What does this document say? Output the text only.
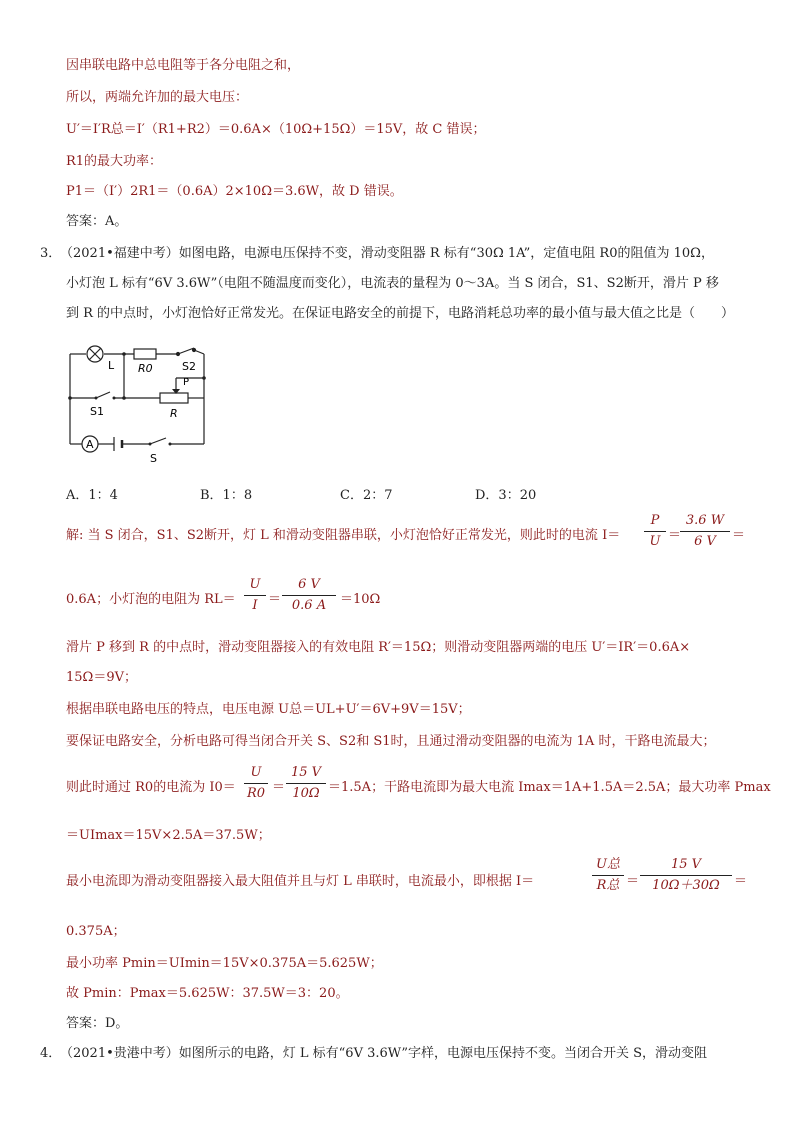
因串联电路中总电阻等于各分电阻之和，
所以，两端允许加的最大电压：
U′＝I′R总＝I′（R1+R2）＝0.6A×（10Ω+15Ω）＝15V，故 C 错误；
R1的最大功率：
P1＝（I′）2R1＝（0.6A）2×10Ω＝3.6W，故 D 错误。
答案：A。
3．
（2021•福建中考）如图电路，电源电压保持不变，滑动变阻器 R 标有“30Ω 1A”，定值电阻 R0的阻值为 10Ω，
小灯泡 L 标有“6V 3.6W”（电阻不随温度而变化），电流表的量程为 0～3A。当 S 闭合，S1、S2断开，滑片 P 移
到 R 的中点时，小灯泡恰好正常发光。在保证电路安全的前提下，电路消耗总功率的最小值与最大值之比是（　　）
L R0	S2
P
R
S1
A
S
A．1：4	B．1：8	C．2：7	D．3：20
解: 当 S 闭合，S1、S2断开，灯 L 和滑动变阻器串联，小灯泡恰好正常发光，则此时的电流 I＝
P
U ＝
3.6 W
6 V	＝
0.6A；小灯泡的电阻为 RL＝
U
I ＝
6 V
0.6 A	＝10Ω
滑片 P 移到 R 的中点时，滑动变阻器接入的有效电阻 R′＝15Ω；则滑动变阻器两端的电压 U′＝IR′＝0.6A×
15Ω＝9V；
根据串联电路电压的特点，电压电源 U总＝UL+U′＝6V+9V＝15V；
要保证电路安全，分析电路可得当闭合开关 S、S2和 S1时，且通过滑动变阻器的电流为 1A 时，干路电流最大；
则此时通过 R0的电流为 I0＝
U
R0 ＝
15 V
10Ω ＝1.5A；干路电流即为最大电流 Imax＝1A+1.5A＝2.5A；最大功率 Pmax
＝UImax＝15V×2.5A＝37.5W；
最小电流即为滑动变阻器接入最大阻值并且与灯 L 串联时，电流最小，即根据 I＝
U总
R总 ＝
15 V
10Ω＋30Ω	＝
0.375A；
最小功率 Pmin＝UImin＝15V×0.375A＝5.625W；
故 Pmin：Pmax＝5.625W：37.5W＝3：20。
答案：D。
4．
（2021•贵港中考）如图所示的电路，灯 L 标有“6V 3.6W”字样，电源电压保持不变。当闭合开关 S，滑动变阻
